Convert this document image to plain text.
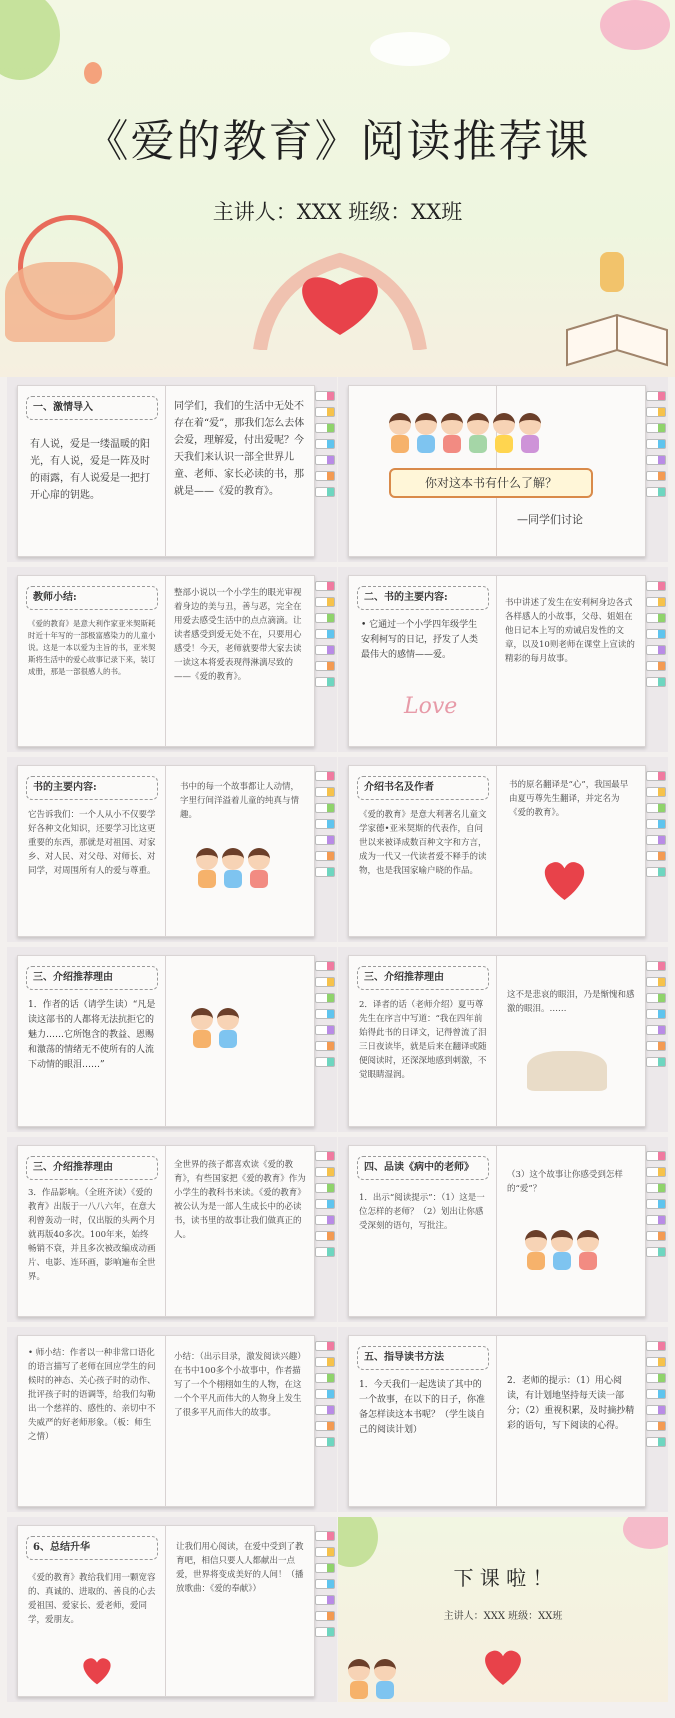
《爱的教育》阅读推荐课
主讲人：XXX 班级：XX班
一、激情导入
有人说，爱是一缕温暖的阳光，有人说，爱是一阵及时的雨露，有人说爱是一把打开心扉的钥匙。
同学们，我们的生活中无处不存在着“爱”，那我们怎么去体会爱，理解爱，付出爱呢？今天我们来认识一部全世界儿童、老师、家长必读的书，那就是——《爱的教育》。
—同学们讨论
你对这本书有什么了解？
教师小结:
《爱的教育》是意大利作家亚米契斯耗时近十年写的一部极富感染力的儿童小说。这是一本以爱为主旨的书，亚米契斯将生活中的爱心故事记录下来，装订成册，那是一部很感人的书。
整部小说以一个小学生的眼光审视着身边的美与丑，善与恶，完全在用爱去感受生活中的点点滴滴。让读者感受到爱无处不在，只要用心感受！今天，老师就要带大家去读一读这本将爱表现得淋漓尽致的——《爱的教育》。
二、书的主要内容:
• 它通过一个小学四年级学生安利柯写的日记，抒发了人类最伟大的感情——爱。
Love
书中讲述了发生在安利柯身边各式各样感人的小故事，父母、姐姐在他日记本上写的劝诫启发性的文章，以及10则老师在课堂上宣读的精彩的每月故事。
书的主要内容:
它告诉我们：一个人从小不仅要学好各种文化知识，还要学习比这更重要的东西，那就是对祖国、对家乡、对人民、对父母、对师长、对同学，对周围所有人的爱与尊重。
书中的每一个故事都让人动情，字里行间洋溢着儿童的纯真与情趣。
介绍书名及作者
《爱的教育》是意大利著名儿童文学家德•亚米契斯的代表作，自问世以来被译成数百种文字和方言，成为一代又一代读者爱不释手的读物，也是我国家喻户晓的作品。
书的原名翻译是“心”，我国最早由夏丏尊先生翻译，并定名为《爱的教育》。
三、介绍推荐理由
1．作者的话（请学生读）“凡是读这部书的人都将无法抗拒它的魅力……它所饱含的教益、恩赐和激荡的情绪无不使所有的人流下动情的眼泪……”
三、介绍推荐理由
2．译者的话（老师介绍）夏丏尊先生在序言中写道：“我在四年前始得此书的日译文，记得曾流了泪三日夜读毕，就是后来在翻译或随便阅读时，还深深地感到刺激，不觉眼睛湿润。
这不是悲哀的眼泪，乃是惭愧和感激的眼泪。……
三、介绍推荐理由
3．作品影响。（全班齐读）《爱的教育》出版于一八八六年，在意大利曾轰动一时，仅出版的头两个月就再版40多次。100年来，始终畅销不衰，并且多次被改编成动画片、电影、连环画，影响遍布全世界。
全世界的孩子都喜欢读《爱的教育》，有些国家把《爱的教育》作为小学生的教科书来读。《爱的教育》被公认为是一部人生成长中的必读书，读书里的故事让我们做真正的人。
四、品读《病中的老师》
1．出示“阅读提示”：（1）这是一位怎样的老师？（2）划出让你感受深刻的语句，写批注。
（3）这个故事让你感受到怎样的“爱”？
• 师小结：作者以一种非常口语化的语言描写了老师在回应学生的问候时的神态、关心孩子时的动作、批评孩子时的语调等，给我们勾勒出一个慈祥的、感性的、亲切中不失威严的好老师形象。（板：师生之情）
小结：（出示目录，激发阅读兴趣）在书中100多个小故事中，作者描写了一个个栩栩如生的人物，在这一个个平凡而伟大的人物身上发生了很多平凡而伟大的故事。
五、指导读书方法
1．今天我们一起选读了其中的一个故事，在以下的日子，你准备怎样读这本书呢？（学生谈自己的阅读计划）
2．老师的提示：（1）用心阅读，有计划地坚持每天读一部分；（2）重视积累，及时摘抄精彩的语句，写下阅读的心得。
6、总结升华
《爱的教育》教给我们用一颗宽容的、真诚的、进取的、善良的心去爱祖国、爱家长、爱老师，爱同学，爱朋友。
让我们用心阅读，在爱中受到了教育吧，相信只要人人都献出一点爱，世界将变成美好的人间！（播放歌曲：《爱的奉献》）	下 课 啦 ！
主讲人：XXX 班级：XX班
